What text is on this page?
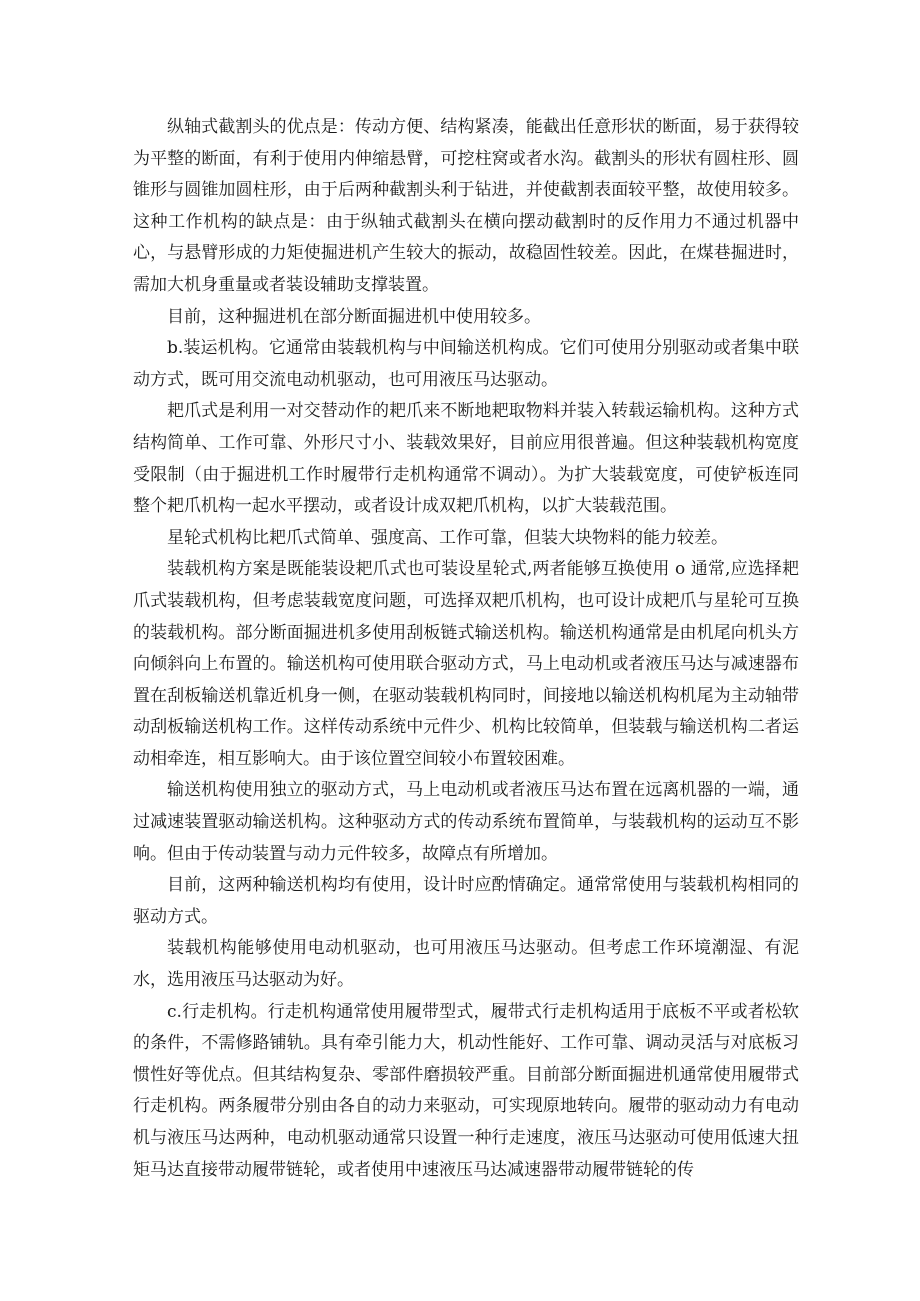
纵轴式截割头的优点是：传动方便、结构紧凑，能截出任意形状的断面，易于获得较为平整的断面，有利于使用内伸缩悬臂，可挖柱窝或者水沟。截割头的形状有圆柱形、圆锥形与圆锥加圆柱形，由于后两种截割头利于钻进，并使截割表面较平整，故使用较多。这种工作机构的缺点是：由于纵轴式截割头在横向摆动截割时的反作用力不通过机器中心，与悬臂形成的力矩使掘进机产生较大的振动，故稳固性较差。因此，在煤巷掘进时，需加大机身重量或者装设辅助支撑装置。

目前，这种掘进机在部分断面掘进机中使用较多。

b.装运机构。它通常由装载机构与中间输送机构成。它们可使用分别驱动或者集中联动方式，既可用交流电动机驱动，也可用液压马达驱动。

耙爪式是利用一对交替动作的耙爪来不断地耙取物料并装入转载运输机构。这种方式结构简单、工作可靠、外形尺寸小、装载效果好，目前应用很普遍。但这种装载机构宽度受限制（由于掘进机工作时履带行走机构通常不调动）。为扩大装载宽度，可使铲板连同整个耙爪机构一起水平摆动，或者设计成双耙爪机构，以扩大装载范围。

星轮式机构比耙爪式简单、强度高、工作可靠，但装大块物料的能力较差。

装载机构方案是既能装设耙爪式也可装设星轮式,两者能够互换使用 o 通常,应选择耙爪式装载机构，但考虑装载宽度问题，可选择双耙爪机构，也可设计成耙爪与星轮可互换的装载机构。部分断面掘进机多使用刮板链式输送机构。输送机构通常是由机尾向机头方向倾斜向上布置的。输送机构可使用联合驱动方式，马上电动机或者液压马达与减速器布置在刮板输送机靠近机身一侧，在驱动装载机构同时，间接地以输送机构机尾为主动轴带动刮板输送机构工作。这样传动系统中元件少、机构比较简单，但装载与输送机构二者运动相牵连，相互影响大。由于该位置空间较小布置较困难。

输送机构使用独立的驱动方式，马上电动机或者液压马达布置在远离机器的一端，通过减速装置驱动输送机构。这种驱动方式的传动系统布置简单，与装载机构的运动互不影响。但由于传动装置与动力元件较多，故障点有所增加。

目前，这两种输送机构均有使用，设计时应酌情确定。通常常使用与装载机构相同的驱动方式。

装载机构能够使用电动机驱动，也可用液压马达驱动。但考虑工作环境潮湿、有泥水，选用液压马达驱动为好。

c.行走机构。行走机构通常使用履带型式，履带式行走机构适用于底板不平或者松软的条件，不需修路铺轨。具有牵引能力大，机动性能好、工作可靠、调动灵活与对底板习惯性好等优点。但其结构复杂、零部件磨损较严重。目前部分断面掘进机通常使用履带式行走机构。两条履带分别由各自的动力来驱动，可实现原地转向。履带的驱动动力有电动机与液压马达两种，电动机驱动通常只设置一种行走速度，液压马达驱动可使用低速大扭矩马达直接带动履带链轮，或者使用中速液压马达减速器带动履带链轮的传
